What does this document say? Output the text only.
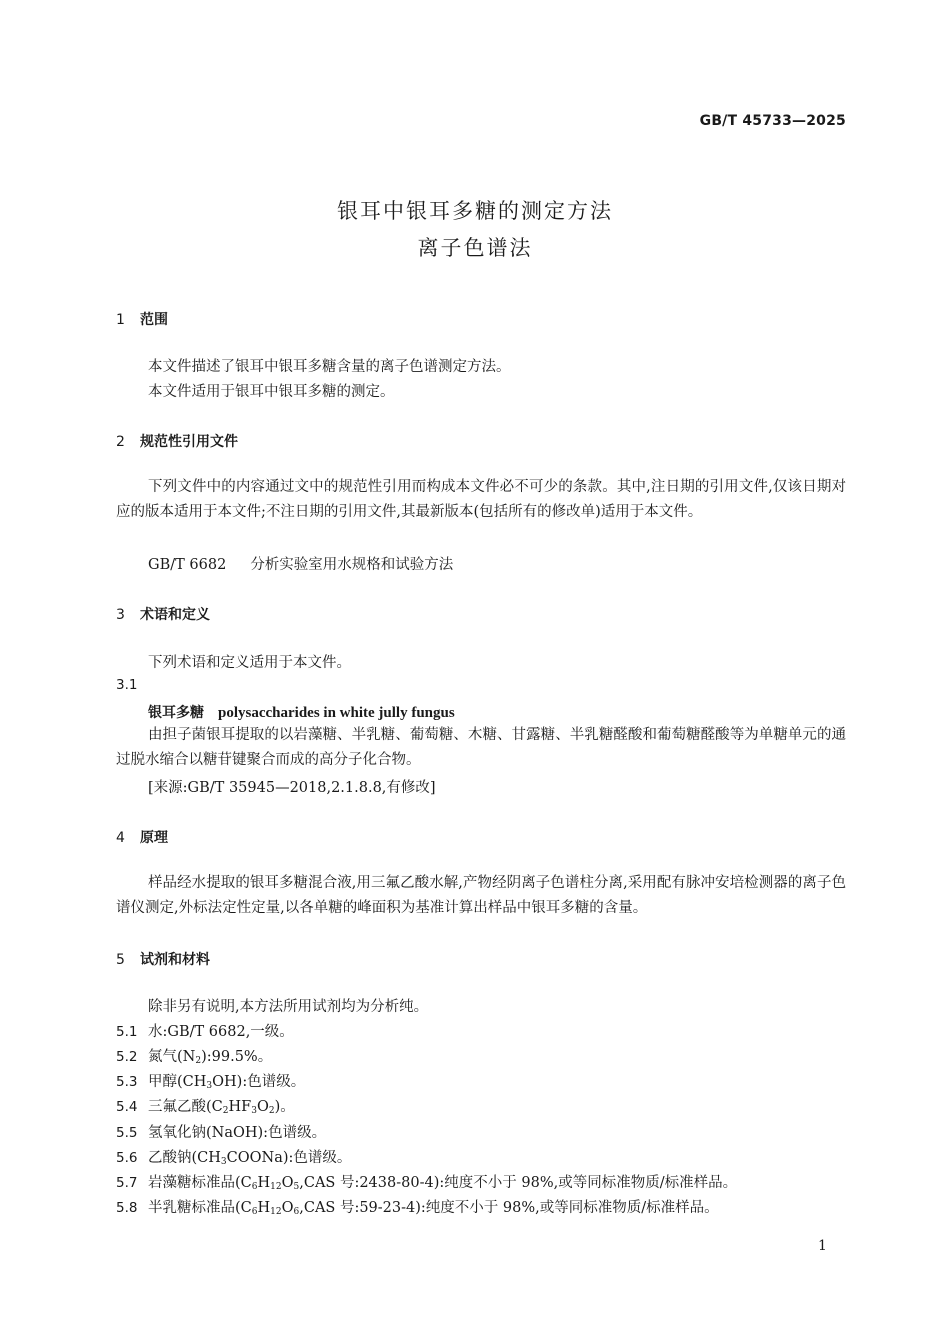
GB/T 45733—2025
银耳中银耳多糖的测定方法
离子色谱法
1 范围
本文件描述了银耳中银耳多糖含量的离子色谱测定方法。
本文件适用于银耳中银耳多糖的测定。
2 规范性引用文件
下列文件中的内容通过文中的规范性引用而构成本文件必不可少的条款。其中,注日期的引用文件,仅该日期对应的版本适用于本文件;不注日期的引用文件,其最新版本(包括所有的修改单)适用于本文件。
GB/T 6682 分析实验室用水规格和试验方法
3 术语和定义
下列术语和定义适用于本文件。
3.1
银耳多糖 polysaccharides in white jully fungus
由担子菌银耳提取的以岩藻糖、半乳糖、葡萄糖、木糖、甘露糖、半乳糖醛酸和葡萄糖醛酸等为单糖单元的通过脱水缩合以糖苷键聚合而成的高分子化合物。
[来源:GB/T 35945—2018,2.1.8.8,有修改]
4 原理
样品经水提取的银耳多糖混合液,用三氟乙酸水解,产物经阴离子色谱柱分离,采用配有脉冲安培检测器的离子色谱仪测定,外标法定性定量,以各单糖的峰面积为基准计算出样品中银耳多糖的含量。
5 试剂和材料
除非另有说明,本方法所用试剂均为分析纯。
5.1 水:GB/T 6682,一级。
5.2 氮气$(N_2):99.5\%$。
5.3 甲醇$(CH_3OH)$:色谱级。
5.4 三氟乙酸$(C_2HF_3O_2)$。
5.5 氢氧化钠(NaOH):色谱级。
5.6 乙酸钠$(CH_3COONa)$:色谱级。
5.7 岩藻糖标准品($C_6H_{12}O_5,CAS$ 号:2438-80-4):纯度不小于 98%,或等同标准物质/标准样品。
5.8 半乳糖标准品($C_6H_{12}O_6,CAS$ 号:59-23-4):纯度不小于 98%,或等同标准物质/标准样品。
1
